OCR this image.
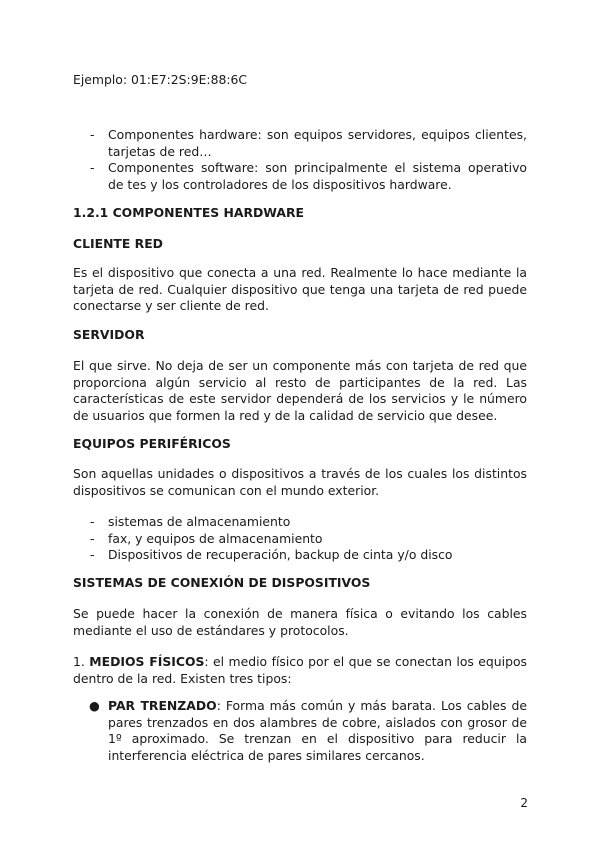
Ejemplo: 01:E7:2S:9E:88:6C
- Componentes hardware: son equipos servidores, equipos clientes, tarjetas de red…
- Componentes software: son principalmente el sistema operativo de tes y los controladores de los dispositivos hardware.
1.2.1 COMPONENTES HARDWARE
CLIENTE RED
Es el dispositivo que conecta a una red. Realmente lo hace mediante la tarjeta de red. Cualquier dispositivo que tenga una tarjeta de red puede conectarse y ser cliente de red.
SERVIDOR
El que sirve. No deja de ser un componente más con tarjeta de red que proporciona algún servicio al resto de participantes de la red. Las características de este servidor dependerá de los servicios y le número de usuarios que formen la red y de la calidad de servicio que desee.
EQUIPOS PERIFÉRICOS
Son aquellas unidades o dispositivos a través de los cuales los distintos dispositivos se comunican con el mundo exterior.
- sistemas de almacenamiento
- fax, y equipos de almacenamiento
- Dispositivos de recuperación, backup de cinta y/o disco
SISTEMAS DE CONEXIÓN DE DISPOSITIVOS
Se puede hacer la conexión de manera física o evitando los cables mediante el uso de estándares y protocolos.
1. MEDIOS FÍSICOS: el medio físico por el que se conectan los equipos dentro de la red. Existen tres tipos:
● PAR TRENZADO: Forma más común y más barata. Los cables de pares trenzados en dos alambres de cobre, aislados con grosor de 1º aproximado. Se trenzan en el dispositivo para reducir la interferencia eléctrica de pares similares cercanos.
2
